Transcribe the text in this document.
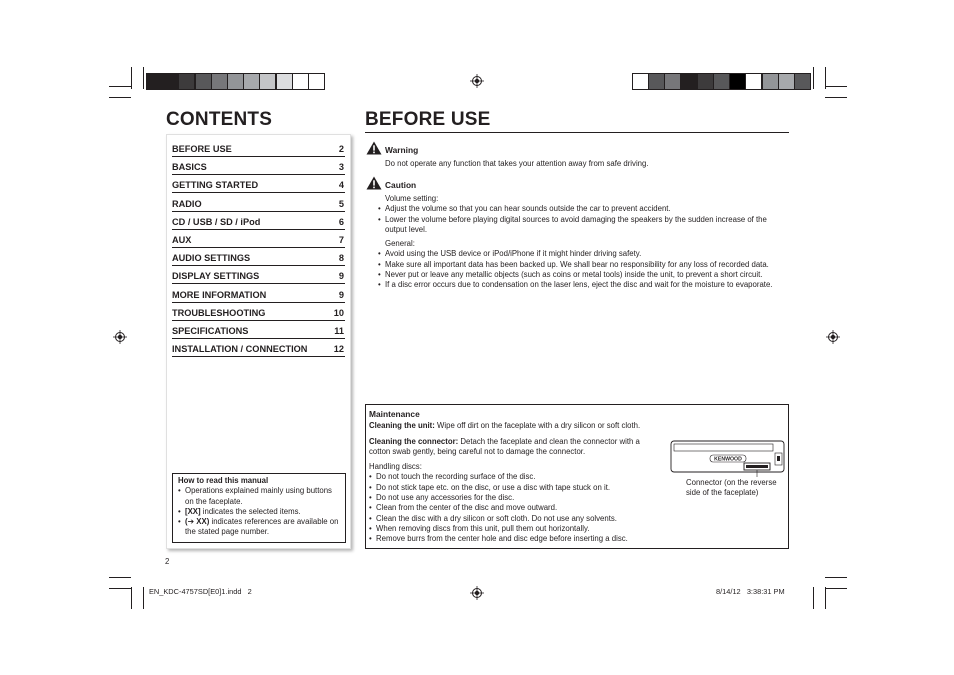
CONTENTS
BEFORE USE	2
BASICS	3
GETTING STARTED	4
RADIO	5
CD / USB / SD / iPod	6
AUX	7
AUDIO SETTINGS	8
DISPLAY SETTINGS	9
MORE INFORMATION	9
TROUBLESHOOTING	10
SPECIFICATIONS	11
INSTALLATION / CONNECTION	12
How to read this manual
• Operations explained mainly using buttons on the faceplate.
• [XX] indicates the selected items.
• (➔ XX) indicates references are available on the stated page number.
2
BEFORE USE
Warning
Do not operate any function that takes your attention away from safe driving.
Caution
Volume setting:
• Adjust the volume so that you can hear sounds outside the car to prevent accident.
• Lower the volume before playing digital sources to avoid damaging the speakers by the sudden increase of the output level.
General:
• Avoid using the USB device or iPod/iPhone if it might hinder driving safety.
• Make sure all important data has been backed up. We shall bear no responsibility for any loss of recorded data.
• Never put or leave any metallic objects (such as coins or metal tools) inside the unit, to prevent a short circuit.
• If a disc error occurs due to condensation on the laser lens, eject the disc and wait for the moisture to evaporate.
Maintenance
Cleaning the unit: Wipe off dirt on the faceplate with a dry silicon or soft cloth.
Cleaning the connector: Detach the faceplate and clean the connector with a cotton swab gently, being careful not to damage the connector.
Handling discs:
• Do not touch the recording surface of the disc.
• Do not stick tape etc. on the disc, or use a disc with tape stuck on it.
• Do not use any accessories for the disc.
• Clean from the center of the disc and move outward.
• Clean the disc with a dry silicon or soft cloth. Do not use any solvents.
• When removing discs from this unit, pull them out horizontally.
• Remove burrs from the center hole and disc edge before inserting a disc.
KENWOOD
Connector (on the reverse side of the faceplate)
EN_KDC-4757SD[E0]1.indd   2	8/14/12   3:38:31 PM
